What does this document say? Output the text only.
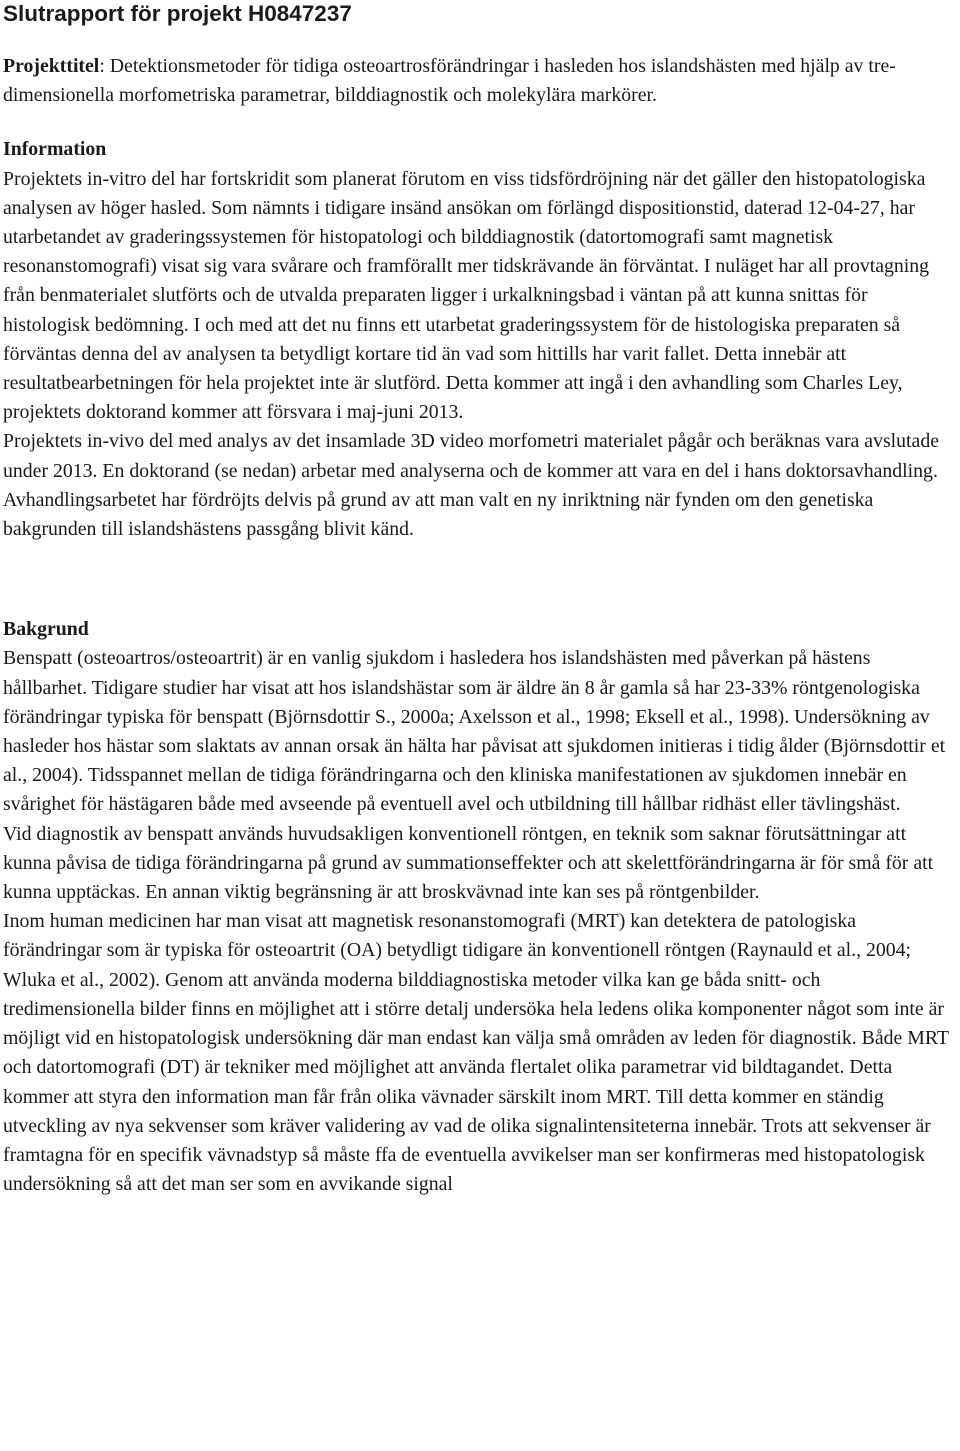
Slutrapport för projekt H0847237
Projekttitel: Detektionsmetoder för tidiga osteoartrosförändringar i hasleden hos islandshästen med hjälp av tre-dimensionella morfometriska parametrar, bilddiagnostik och molekylära markörer.
Information

Projektets in-vitro del har fortskridit som planerat förutom en viss tidsfördröjning när det gäller den histopatologiska analysen av höger hasled. Som nämnts i tidigare insänd ansökan om förlängd dispositionstid, daterad 12-04-27, har utarbetandet av graderingssystemen för histopatologi och bilddiagnostik (datortomografi samt magnetisk resonanstomografi) visat sig vara svårare och framförallt mer tidskrävande än förväntat. I nuläget har all provtagning från benmaterialet slutförts och de utvalda preparaten ligger i urkalkningsbad i väntan på att kunna snittas för histologisk bedömning. I och med att det nu finns ett utarbetat graderingssystem för de histologiska preparaten så förväntas denna del av analysen ta betydligt kortare tid än vad som hittills har varit fallet. Detta innebär att resultatbearbetningen för hela projektet inte är slutförd. Detta kommer att ingå i den avhandling som Charles Ley, projektets doktorand kommer att försvara i maj-juni 2013.

Projektets in-vivo del med analys av det insamlade 3D video morfometri materialet pågår och beräknas vara avslutade under 2013. En doktorand (se nedan) arbetar med analyserna och de kommer att vara en del i hans doktorsavhandling. Avhandlingsarbetet har fördröjts delvis på grund av att man valt en ny inriktning när fynden om den genetiska bakgrunden till islandshästens passgång blivit känd.

Bakgrund

Benspatt (osteoartros/osteoartrit) är en vanlig sjukdom i hasledera hos islandshästen med påverkan på hästens hållbarhet. Tidigare studier har visat att hos islandshästar som är äldre än 8 år gamla så har 23-33% röntgenologiska förändringar typiska för benspatt (Björnsdottir S., 2000a; Axelsson et al., 1998; Eksell et al., 1998). Undersökning av hasleder hos hästar som slaktats av annan orsak än hälta har påvisat att sjukdomen initieras i tidig ålder (Björnsdottir et al., 2004). Tidsspannet mellan de tidiga förändringarna och den kliniska manifestationen av sjukdomen innebär en svårighet för hästägaren både med avseende på eventuell avel och utbildning till hållbar ridhäst eller tävlingshäst.

Vid diagnostik av benspatt används huvudsakligen konventionell röntgen, en teknik som saknar förutsättningar att kunna påvisa de tidiga förändringarna på grund av summationseffekter och att skelettförändringarna är för små för att kunna upptäckas. En annan viktig begränsning är att broskvävnad inte kan ses på röntgenbilder.

Inom human medicinen har man visat att magnetisk resonanstomografi (MRT) kan detektera de patologiska förändringar som är typiska för osteoartrit (OA) betydligt tidigare än konventionell röntgen (Raynauld et al., 2004; Wluka et al., 2002). Genom att använda moderna bilddiagnostiska metoder vilka kan ge båda snitt- och tredimensionella bilder finns en möjlighet att i större detalj undersöka hela ledens olika komponenter något som inte är möjligt vid en histopatologisk undersökning där man endast kan välja små områden av leden för diagnostik. Både MRT och datortomografi (DT) är tekniker med möjlighet att använda flertalet olika parametrar vid bildtagandet. Detta kommer att styra den information man får från olika vävnader särskilt inom MRT. Till detta kommer en ständig utveckling av nya sekvenser som kräver validering av vad de olika signalintensiteterna innebär. Trots att sekvenser är framtagna för en specifik vävnadstyp så måste ffa de eventuella avvikelser man ser konfirmeras med histopatologisk undersökning så att det man ser som en avvikande signal
